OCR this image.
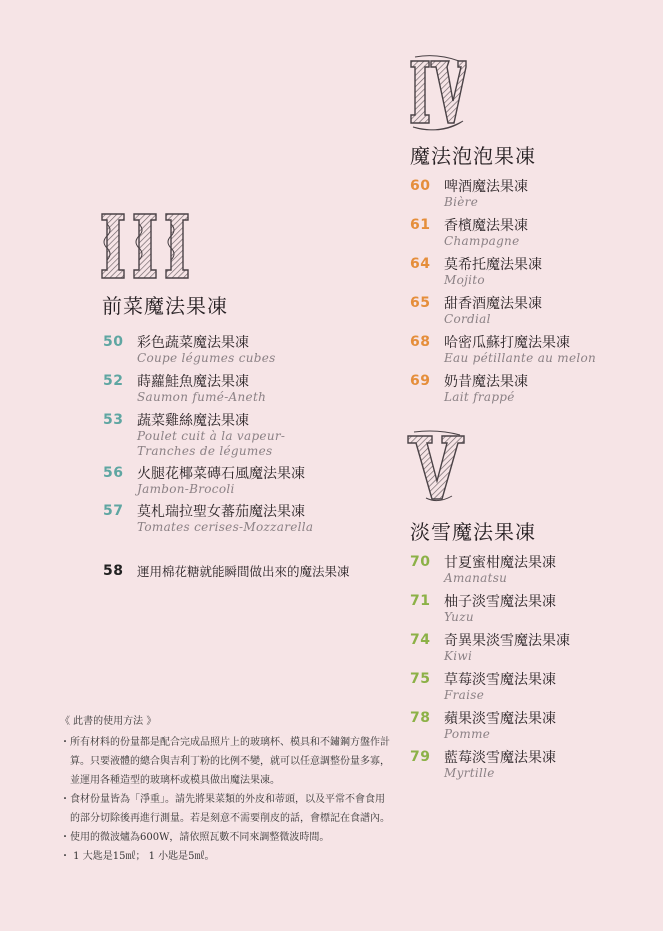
前菜魔法果凍
50 彩色蔬菜魔法果凍
Coupe légumes cubes
52 蒔蘿鮭魚魔法果凍
Saumon fumé-Aneth
53 蔬菜雞絲魔法果凍
Poulet cuit à la vapeur-
Tranches de légumes
56 火腿花椰菜磚石風魔法果凍
Jambon-Brocoli
57 莫札瑞拉聖女蕃茄魔法果凍
Tomates cerises-Mozzarella
58 運用棉花糖就能瞬間做出來的魔法果凍
魔法泡泡果凍
60 啤酒魔法果凍
Bière
61 香檳魔法果凍
Champagne
64 莫希托魔法果凍
Mojito
65 甜香酒魔法果凍
Cordial
68 哈密瓜蘇打魔法果凍
Eau pétillante au melon
69 奶昔魔法果凍
Lait frappé
淡雪魔法果凍
70 甘夏蜜柑魔法果凍
Amanatsu
71 柚子淡雪魔法果凍
Yuzu
74 奇異果淡雪魔法果凍
Kiwi
75 草莓淡雪魔法果凍
Fraise
78 蘋果淡雪魔法果凍
Pomme
79 藍莓淡雪魔法果凍
Myrtille
《 此書的使用方法 》
・所有材料的份量都是配合完成品照片上的玻璃杯、模具和不鏽鋼方盤作計算。只要液體的總合與吉利丁粉的比例不變，就可以任意調整份量多寡，並運用各種造型的玻璃杯或模具做出魔法果凍。
・食材份量皆為「淨重」。請先將果菜類的外皮和蒂頭，以及平常不會食用的部分切除後再進行測量。若是刻意不需要削皮的話，會標記在食譜內。
・使用的微波爐為600W，請依照瓦數不同來調整微波時間。
・ 1 大匙是15㎖； 1 小匙是5㎖。
